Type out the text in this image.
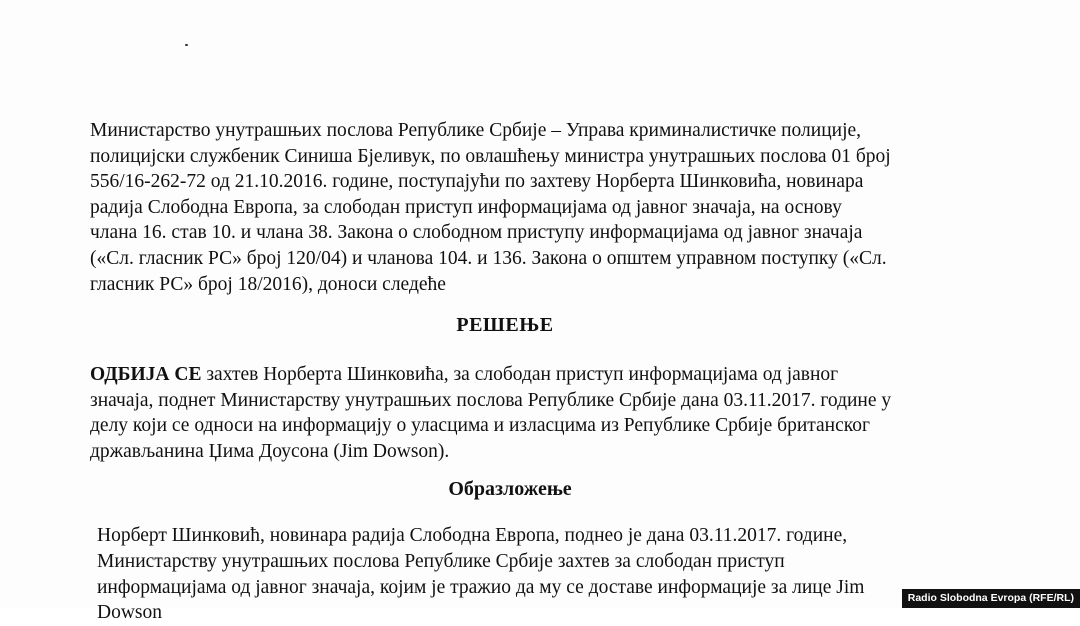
Министарство унутрашњих послова Републике Србије – Управа криминалистичке полиције,
полицијски службеник Синиша Бјеливук, по овлашћењу министра унутрашњих послова 01 број
556/16-262-72 од 21.10.2016. године, поступајући по захтеву Норберта Шинковића, новинара
радија Слободна Европа, за слободан приступ информацијама од јавног значаја, на основу
члана 16. став 10. и члана 38. Закона о слободном приступу информацијама од јавног значаја
(«Сл. гласник РС» број 120/04) и чланова 104. и 136. Закона о општем управном поступку («Сл.
гласник РС» број 18/2016), доноси следеће

РЕШЕЊЕ

ОДБИЈА СЕ захтев Норберта Шинковића, за слободан приступ информацијама од јавног
значаја, поднет Министарству унутрашњих послова Републике Србије дана 03.11.2017. године у
делу који се односи на информацију о уласцима и изласцима из Републике Србије британског
држављанина Џима Доусона (Jim Dowson).

Образложење

Норберт Шинковић, новинара радија Слободна Европа, поднео је дана 03.11.2017. године,
Министарству унутрашњих послова Републике Србије захтев за слободан приступ
информацијама од јавног значаја, којим је тражио да му се доставе информације за лице Jim
Dowson

Radio Slobodna Evropa (RFE/RL)
